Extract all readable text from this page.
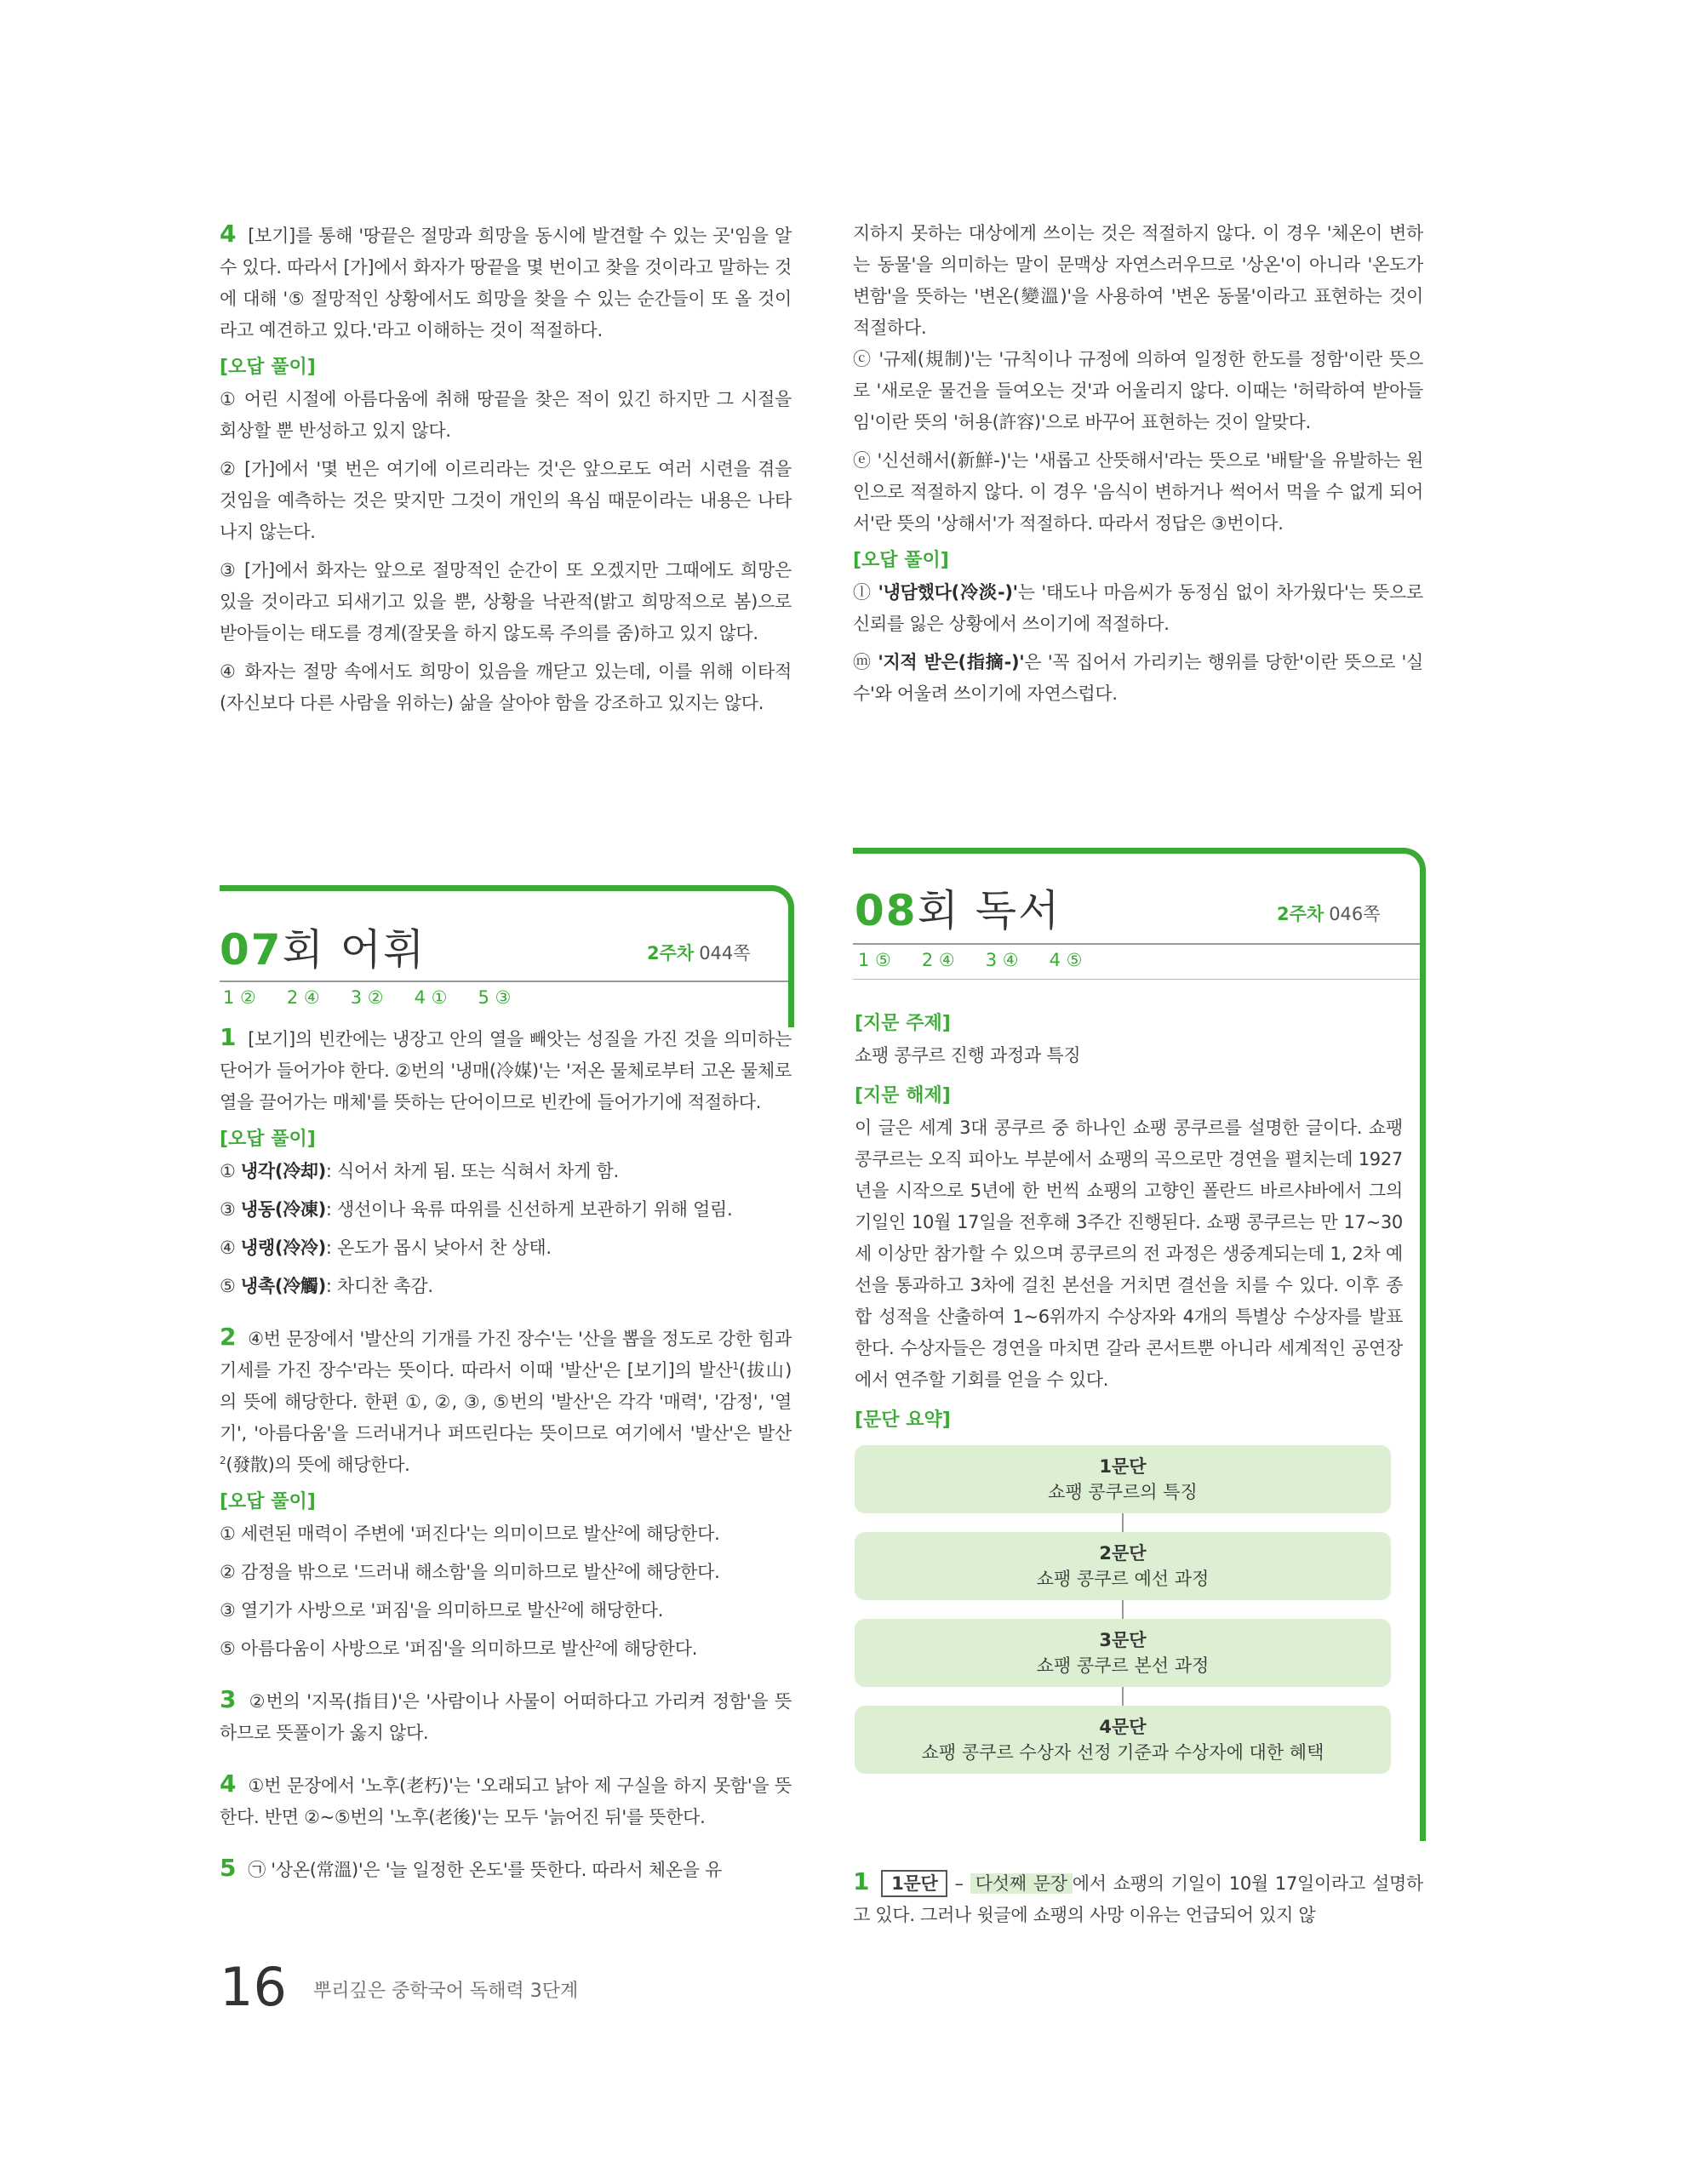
4 [보기]를 통해 '땅끝은 절망과 희망을 동시에 발견할 수 있는 곳'임을 알 수 있다. 따라서 [가]에서 화자가 땅끝을 몇 번이고 찾을 것이라고 말하는 것에 대해 '⑤ 절망적인 상황에서도 희망을 찾을 수 있는 순간들이 또 올 것이라고 예견하고 있다.'라고 이해하는 것이 적절하다.

[오답 풀이]

① 어린 시절에 아름다움에 취해 땅끝을 찾은 적이 있긴 하지만 그 시절을 회상할 뿐 반성하고 있지 않다.

② [가]에서 '몇 번은 여기에 이르리라는 것'은 앞으로도 여러 시련을 겪을 것임을 예측하는 것은 맞지만 그것이 개인의 욕심 때문이라는 내용은 나타나지 않는다.

③ [가]에서 화자는 앞으로 절망적인 순간이 또 오겠지만 그때에도 희망은 있을 것이라고 되새기고 있을 뿐, 상황을 낙관적(밝고 희망적으로 봄)으로 받아들이는 태도를 경계(잘못을 하지 않도록 주의를 줌)하고 있지 않다.

④ 화자는 절망 속에서도 희망이 있음을 깨닫고 있는데, 이를 위해 이타적(자신보다 다른 사람을 위하는) 삶을 살아야 함을 강조하고 있지는 않다.

지하지 못하는 대상에게 쓰이는 것은 적절하지 않다. 이 경우 '체온이 변하는 동물'을 의미하는 말이 문맥상 자연스러우므로 '상온'이 아니라 '온도가 변함'을 뜻하는 '변온(變溫)'을 사용하여 '변온 동물'이라고 표현하는 것이 적절하다.

ⓒ '규제(規制)'는 '규칙이나 규정에 의하여 일정한 한도를 정함'이란 뜻으로 '새로운 물건을 들여오는 것'과 어울리지 않다. 이때는 '허락하여 받아들임'이란 뜻의 '허용(許容)'으로 바꾸어 표현하는 것이 알맞다.

ⓔ '신선해서(新鮮-)'는 '새롭고 산뜻해서'라는 뜻으로 '배탈'을 유발하는 원인으로 적절하지 않다. 이 경우 '음식이 변하거나 썩어서 먹을 수 없게 되어서'란 뜻의 '상해서'가 적절하다. 따라서 정답은 ③번이다.

[오답 풀이]

ⓛ '냉담했다(冷淡-)'는 '태도나 마음씨가 동정심 없이 차가웠다'는 뜻으로 신뢰를 잃은 상황에서 쓰이기에 적절하다.

ⓜ '지적 받은(指摘-)'은 '꼭 집어서 가리키는 행위를 당한'이란 뜻으로 '실수'와 어울려 쓰이기에 자연스럽다.

07회 어휘	2주차 044쪽
1 ② 2 ④ 3 ② 4 ① 5 ③

1 [보기]의 빈칸에는 냉장고 안의 열을 빼앗는 성질을 가진 것을 의미하는 단어가 들어가야 한다. ②번의 '냉매(冷媒)'는 '저온 물체로부터 고온 물체로 열을 끌어가는 매체'를 뜻하는 단어이므로 빈칸에 들어가기에 적절하다.

[오답 풀이]

① 냉각(冷却): 식어서 차게 됨. 또는 식혀서 차게 함.

③ 냉동(冷凍): 생선이나 육류 따위를 신선하게 보관하기 위해 얼림.

④ 냉랭(冷冷): 온도가 몹시 낮아서 찬 상태.

⑤ 냉촉(冷觸): 차디찬 촉감.

2 ④번 문장에서 '발산의 기개를 가진 장수'는 '산을 뽑을 정도로 강한 힘과 기세를 가진 장수'라는 뜻이다. 따라서 이때 '발산'은 [보기]의 발산$^1$(拔山)의 뜻에 해당한다. 한편 ①, ②, ③, ⑤번의 '발산'은 각각 '매력', '감정', '열기', '아름다움'을 드러내거나 퍼뜨린다는 뜻이므로 여기에서 '발산'은 발산$^2$(發散)의 뜻에 해당한다.

[오답 풀이]

① 세련된 매력이 주변에 '퍼진다'는 의미이므로 발산$^2$에 해당한다.

② 감정을 밖으로 '드러내 해소함'을 의미하므로 발산$^2$에 해당한다.

③ 열기가 사방으로 '퍼짐'을 의미하므로 발산$^2$에 해당한다.

⑤ 아름다움이 사방으로 '퍼짐'을 의미하므로 발산$^2$에 해당한다.

3 ②번의 '지목(指目)'은 '사람이나 사물이 어떠하다고 가리켜 정함'을 뜻하므로 뜻풀이가 옳지 않다.

4 ①번 문장에서 '노후(老朽)'는 '오래되고 낡아 제 구실을 하지 못함'을 뜻한다. 반면 ②~⑤번의 '노후(老後)'는 모두 '늙어진 뒤'를 뜻한다.

5 ㉠ '상온(常溫)'은 '늘 일정한 온도'를 뜻한다. 따라서 체온을 유

08회 독서	2주차 046쪽
1 ⑤ 2 ④ 3 ④ 4 ⑤
[지문 주제]

쇼팽 콩쿠르 진행 과정과 특징

[지문 해제]

이 글은 세계 3대 콩쿠르 중 하나인 쇼팽 콩쿠르를 설명한 글이다. 쇼팽 콩쿠르는 오직 피아노 부분에서 쇼팽의 곡으로만 경연을 펼치는데 1927년을 시작으로 5년에 한 번씩 쇼팽의 고향인 폴란드 바르샤바에서 그의 기일인 10월 17일을 전후해 3주간 진행된다. 쇼팽 콩쿠르는 만 17~30세 이상만 참가할 수 있으며 콩쿠르의 전 과정은 생중계되는데 1, 2차 예선을 통과하고 3차에 걸친 본선을 거치면 결선을 치를 수 있다. 이후 종합 성적을 산출하여 1~6위까지 수상자와 4개의 특별상 수상자를 발표한다. 수상자들은 경연을 마치면 갈라 콘서트뿐 아니라 세계적인 공연장에서 연주할 기회를 얻을 수 있다.

[문단 요약]
1문단
쇼팽 콩쿠르의 특징
2문단
쇼팽 콩쿠르 예선 과정
3문단
쇼팽 콩쿠르 본선 과정
4문단
쇼팽 콩쿠르 수상자 선정 기준과 수상자에 대한 혜택

1 1문단 – 다섯째 문장 에서 쇼팽의 기일이 10월 17일이라고 설명하고 있다. 그러나 윗글에 쇼팽의 사망 이유는 언급되어 있지 않

16 뿌리깊은 중학국어 독해력 3단계
